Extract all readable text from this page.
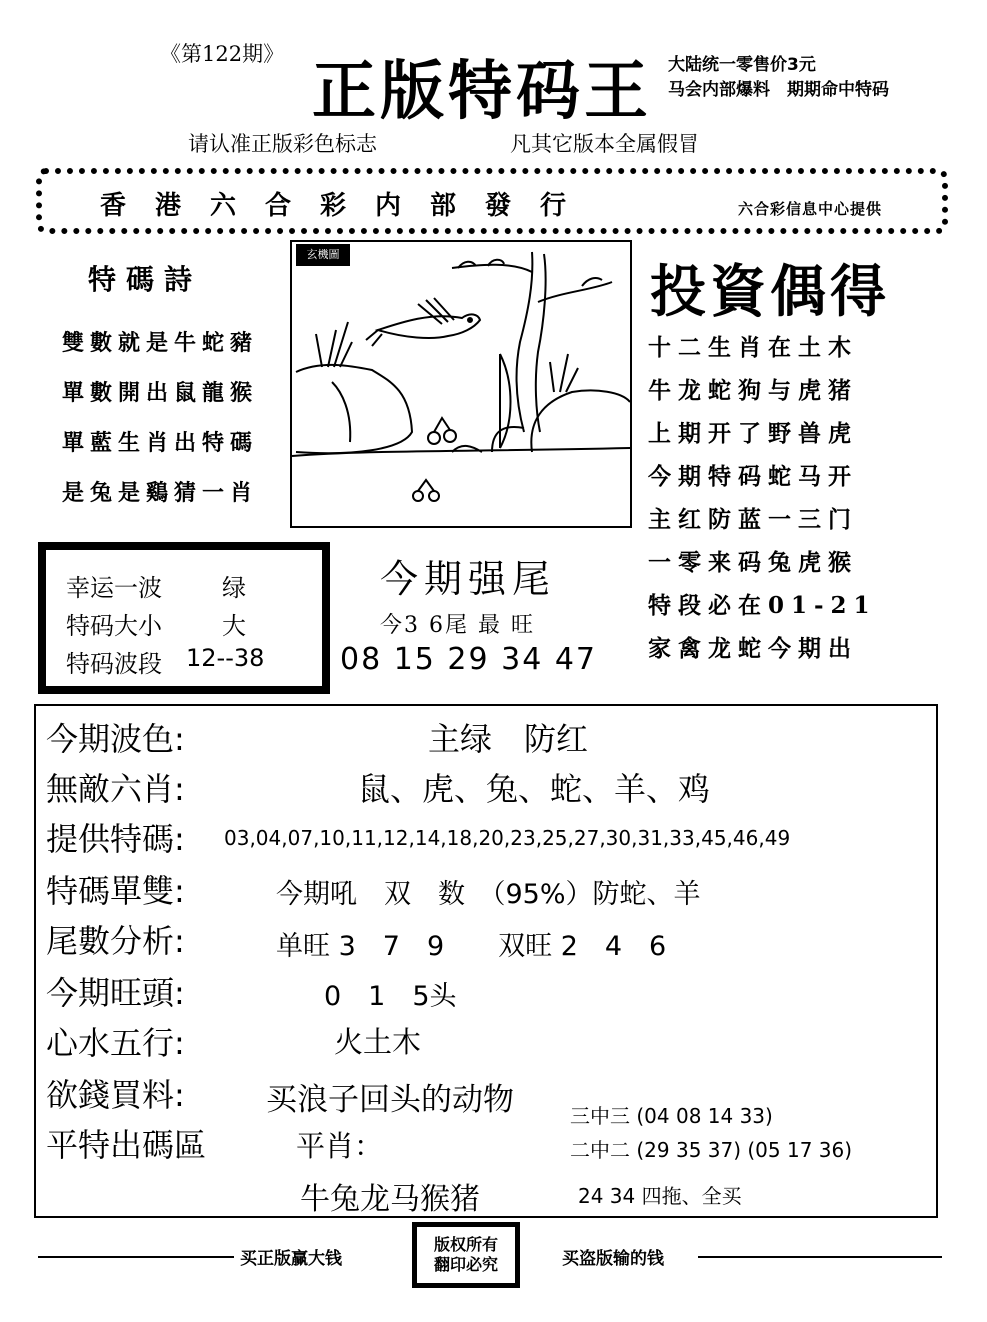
《第122期》 正版特码王 大陆统一零售价3元
马会内部爆料　期期命中特码
请认准正版彩色标志	凡其它版本全属假冒
香港六合彩内部發行	六合彩信息中心提供
特碼詩
雙數就是牛蛇豬
單數開出鼠龍猴
單藍生肖出特碼
是兔是鷄猜一肖
玄機圖
投資偶得
十二生肖在土木
牛龙蛇狗与虎猪
上期开了野兽虎
今期特码蛇马开
主红防蓝一三门
一零来码兔虎猴
特段必在01-21
家禽龙蛇今期出
幸运一波	绿
特码大小	大
特码波段 12--38
今期强尾
今3 6尾 最 旺
08 15 29 34 47
今期波色:	主绿　防红
無敵六肖:	鼠、虎、兔、蛇、羊、鸡
提供特碼: 03,04,07,10,11,12,14,18,20,23,25,27,30,31,33,45,46,49
特碼單雙:	今期吼　双　数　（95%）防蛇、羊
尾數分析:	单旺 3　7　9　　双旺 2　4　6
今期旺頭:	0　1　5头
心水五行:	火土木
欲錢買料:	买浪子回头的动物
平特出碼區	平肖：
牛兔龙马猴猪
三中三 (04 08 14 33)
二中二 (29 35 37) (05 17 36)
24 34 四拖、全买
买正版赢大钱
版权所有
翻印必究	买盗版输的钱
